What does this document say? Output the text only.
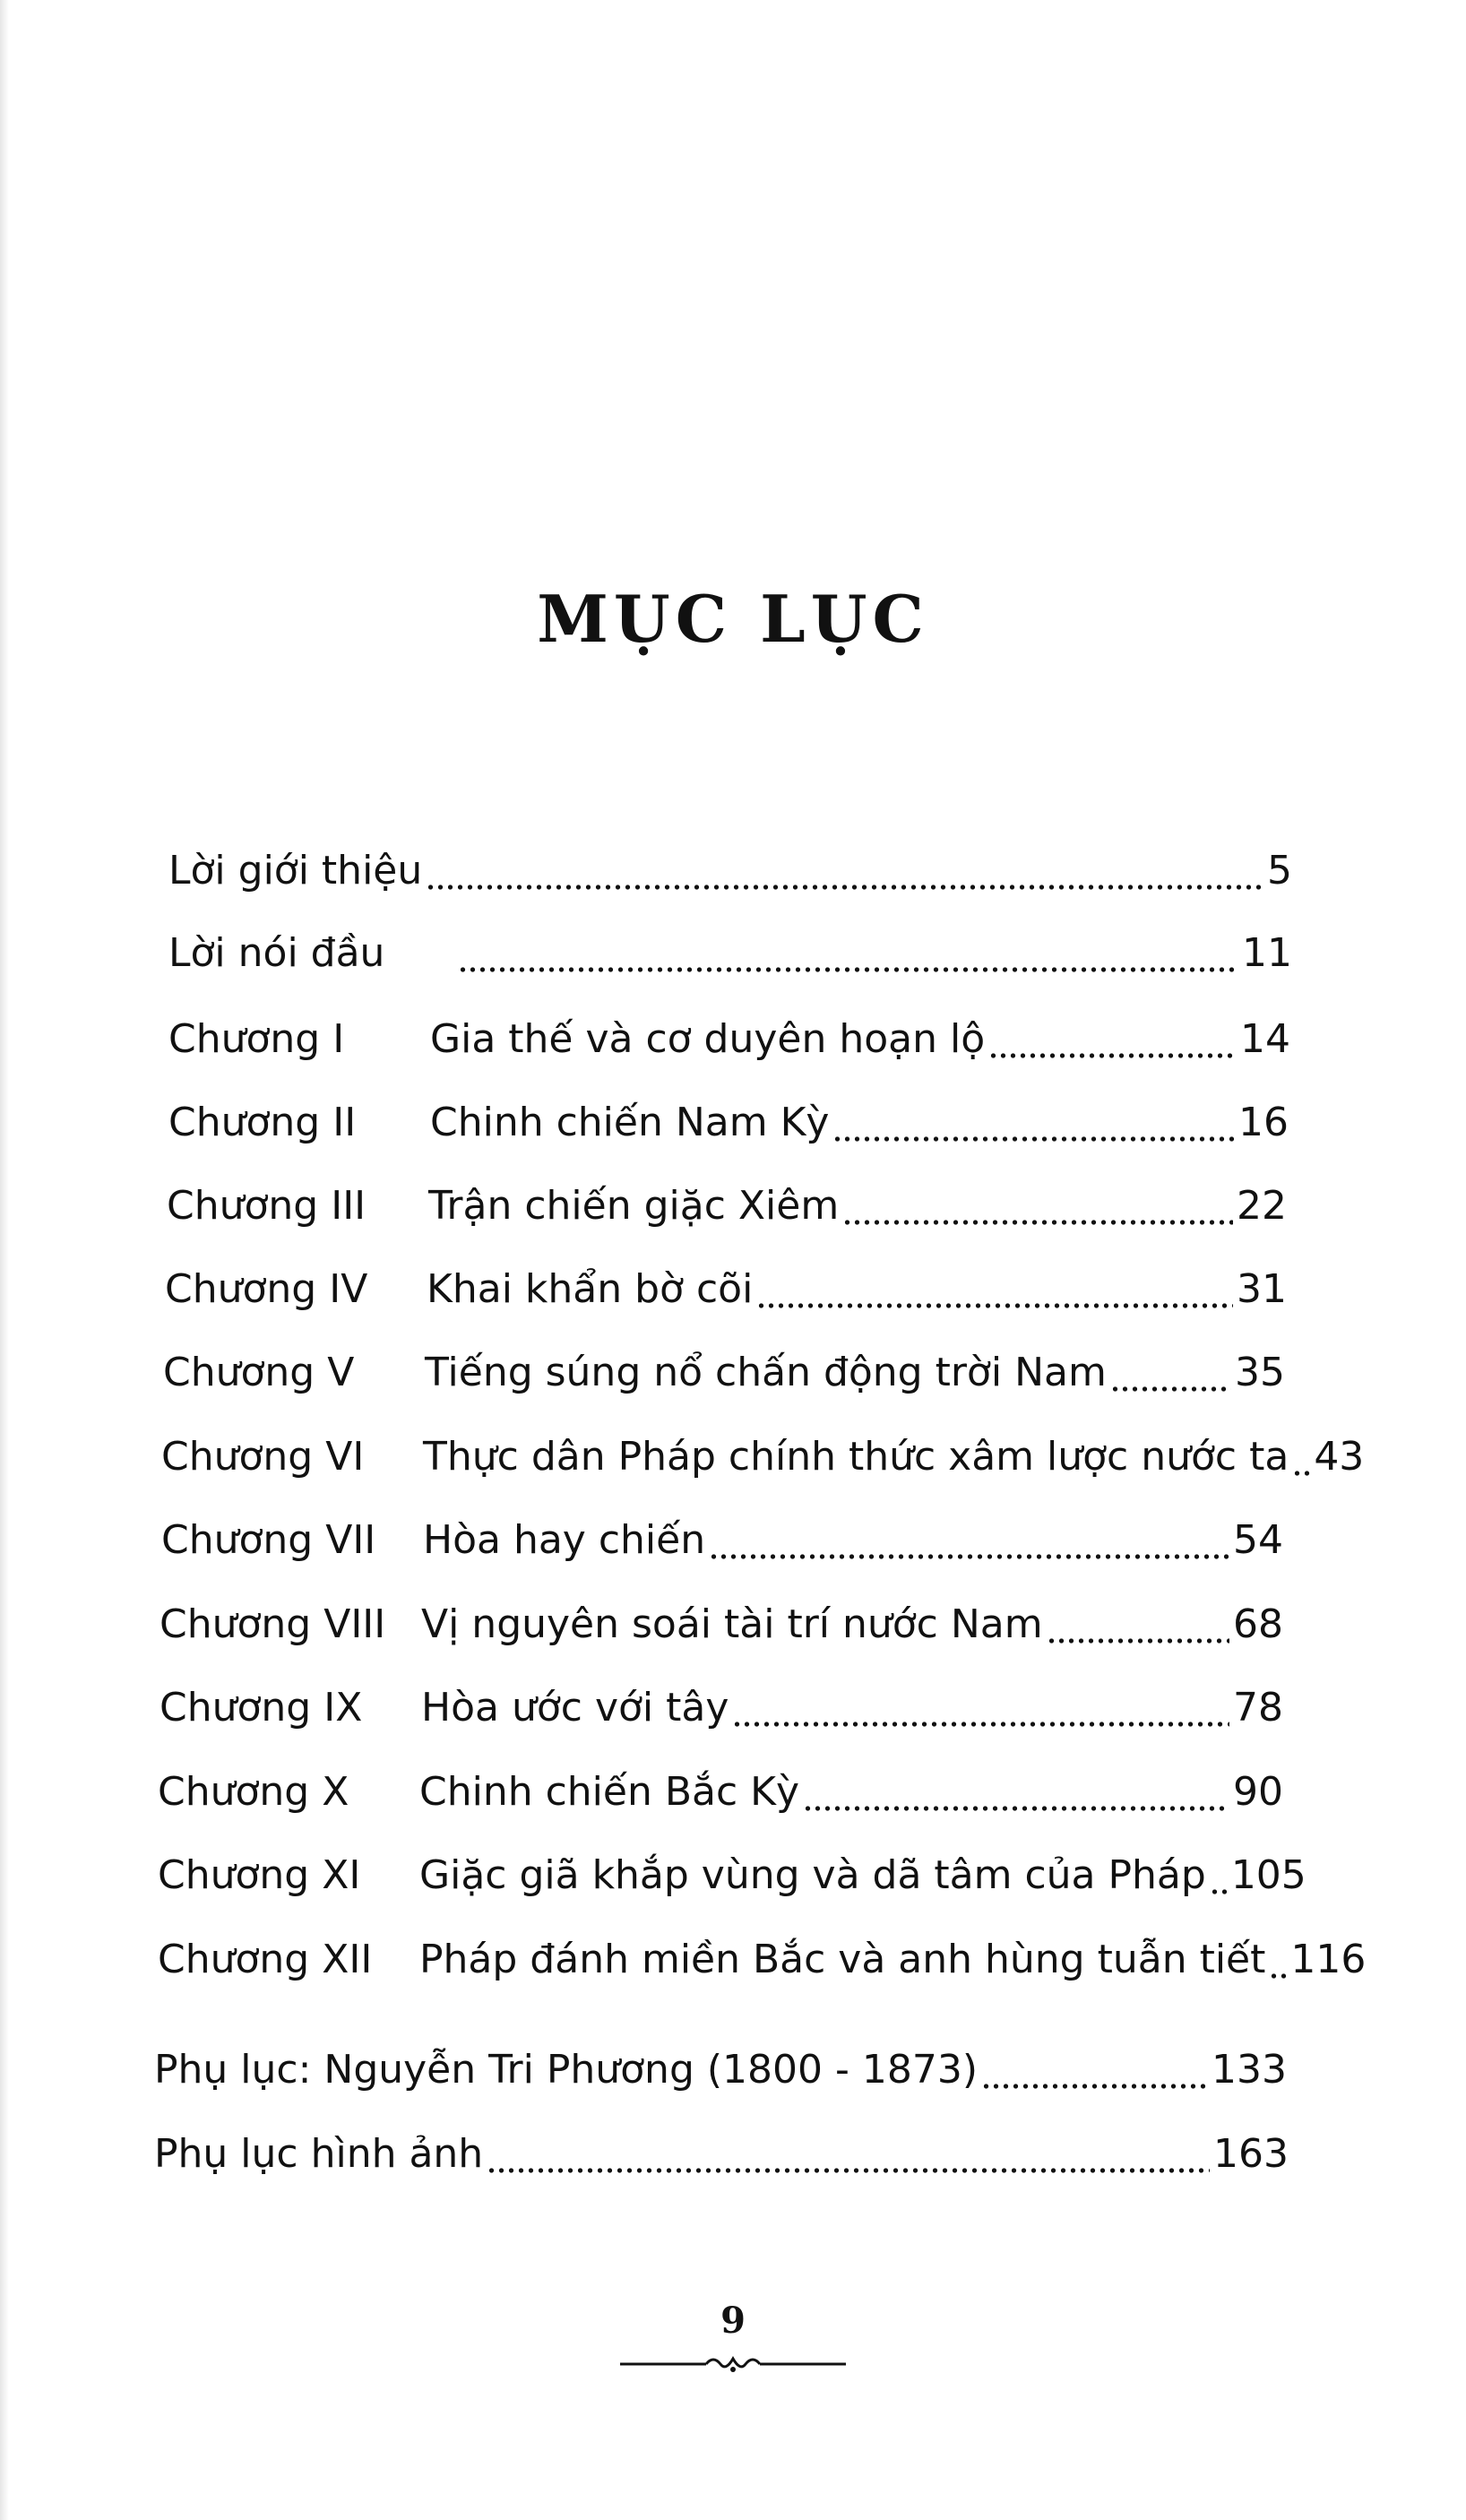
MỤC LỤC
Lời giới thiệu	5
Lời nói đầu	11
Chương I	Gia thế và cơ duyên hoạn lộ	14
Chương II	Chinh chiến Nam Kỳ	16
Chương III	Trận chiến giặc Xiêm	22
Chương IV	Khai khẩn bờ cõi	31
Chương V	Tiếng súng nổ chấn động trời Nam	35
Chương VI	Thực dân Pháp chính thức xâm lược nước ta 43
Chương VII	Hòa hay chiến	54
Chương VIII Vị nguyên soái tài trí nước Nam	68
Chương IX	Hòa ước với tây	78
Chương X	Chinh chiến Bắc Kỳ	90
Chương XI	Giặc giã khắp vùng và dã tâm của Pháp 105
Chương XII	Pháp đánh miền Bắc và anh hùng tuẫn tiết 116
Phụ lục: Nguyễn Tri Phương (1800 - 1873)	133
Phụ lục hình ảnh	163
9
